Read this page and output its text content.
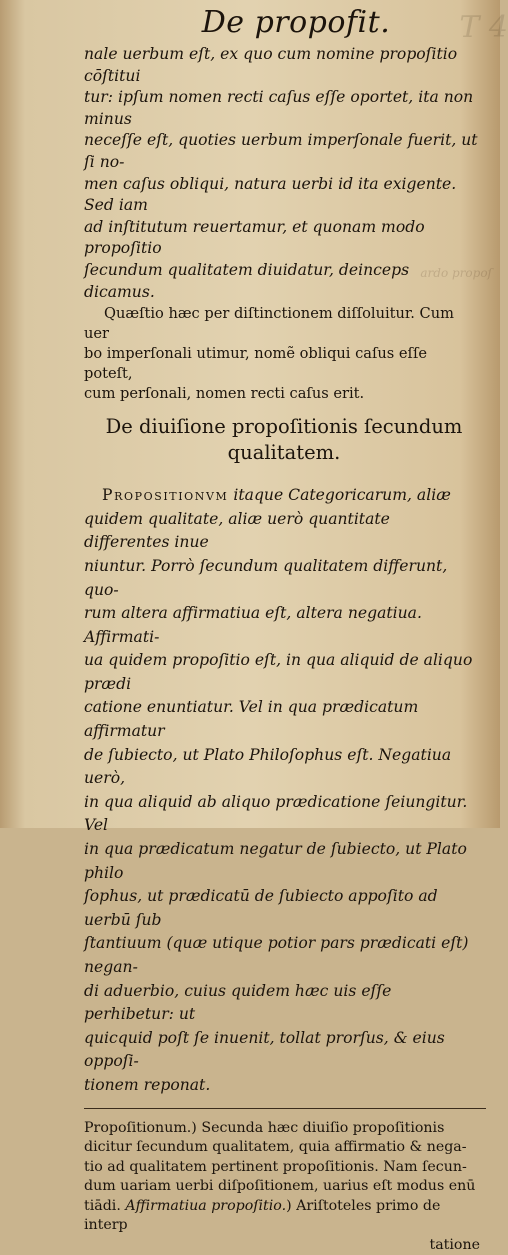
T 4
ardo propoſ
De propofit.
nale uerbum eſt, ex quo cum nomine propoſitio cōſtitui
tur: ipſum nomen recti caſus eſſe oportet, ita non minus
neceſſe eſt, quoties uerbum imperſonale fuerit, ut ſi no-
men caſus obliqui, natura uerbi id ita exigente. Sed iam
ad inſtitutum reuertamur, et quonam modo propoſitio
ſecundum qualitatem diuidatur, deinceps dicamus.
Quæſtio hæc per diſtinctionem diſſoluitur. Cum uer
bo imperſonali utimur, nomẽ obliqui caſus eſſe poteſt,
cum perſonali, nomen recti caſus erit.
De diuiſione propoſitionis ſecundum
qualitatem.
Propositionvm itaque Categoricarum, aliæ
quidem qualitate, aliæ uerò quantitate differentes inue
niuntur. Porrò ſecundum qualitatem differunt, quo-
rum altera affirmatiua eſt, altera negatiua. Affirmati-
ua quidem propoſitio eſt, in qua aliquid de aliquo prædi
catione enuntiatur. Vel in qua prædicatum affirmatur
de ſubiecto, ut Plato Philoſophus eſt. Negatiua uerò,
in qua aliquid ab aliquo prædicatione ſeiungitur. Vel
in qua prædicatum negatur de ſubiecto, ut Plato philo
ſophus, ut prædicatū de ſubiecto appoſito ad uerbū ſub
ſtantiuum (quæ utique potior pars prædicati eſt) negan-
di aduerbio, cuius quidem hæc uis eſſe perhibetur: ut
quicquid poſt ſe inuenit, tollat prorſus, & eius oppoſi-
tionem reponat.
Propoſitionum.) Secunda hæc diuiſio propoſitionis
dicitur ſecundum qualitatem, quia affirmatio & nega-
tio ad qualitatem pertinent propoſitionis. Nam ſecun-
dum uariam uerbi diſpoſitionem, uarius eſt modus enū
tiādi. Affirmatiua propoſitio.) Ariſtoteles primo de interp
tatione
